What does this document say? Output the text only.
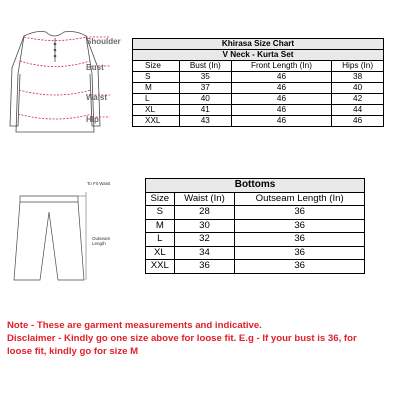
Shoulder
Bust
Waist
Hip
Khirasa Size Chart			
V Neck - Kurta Set			
Size	Bust (In)	Front Length (In)	Hips (In)
S	35	46	38
M	37	46	40
L	40	46	42
XL	41	46	44
XXL	43	46	46
To Fit Waist
Outseam
Length
Bottoms		
Size	Waist (In)	Outseam Length (In)
S	28	36
M	30	36
L	32	36
XL	34	36
XXL	36	36
Note - These are garment measurements and indicative.
Disclaimer - Kindly go one size above for loose fit. E.g - If your bust is 36, for
loose fit, kindly go for size M
